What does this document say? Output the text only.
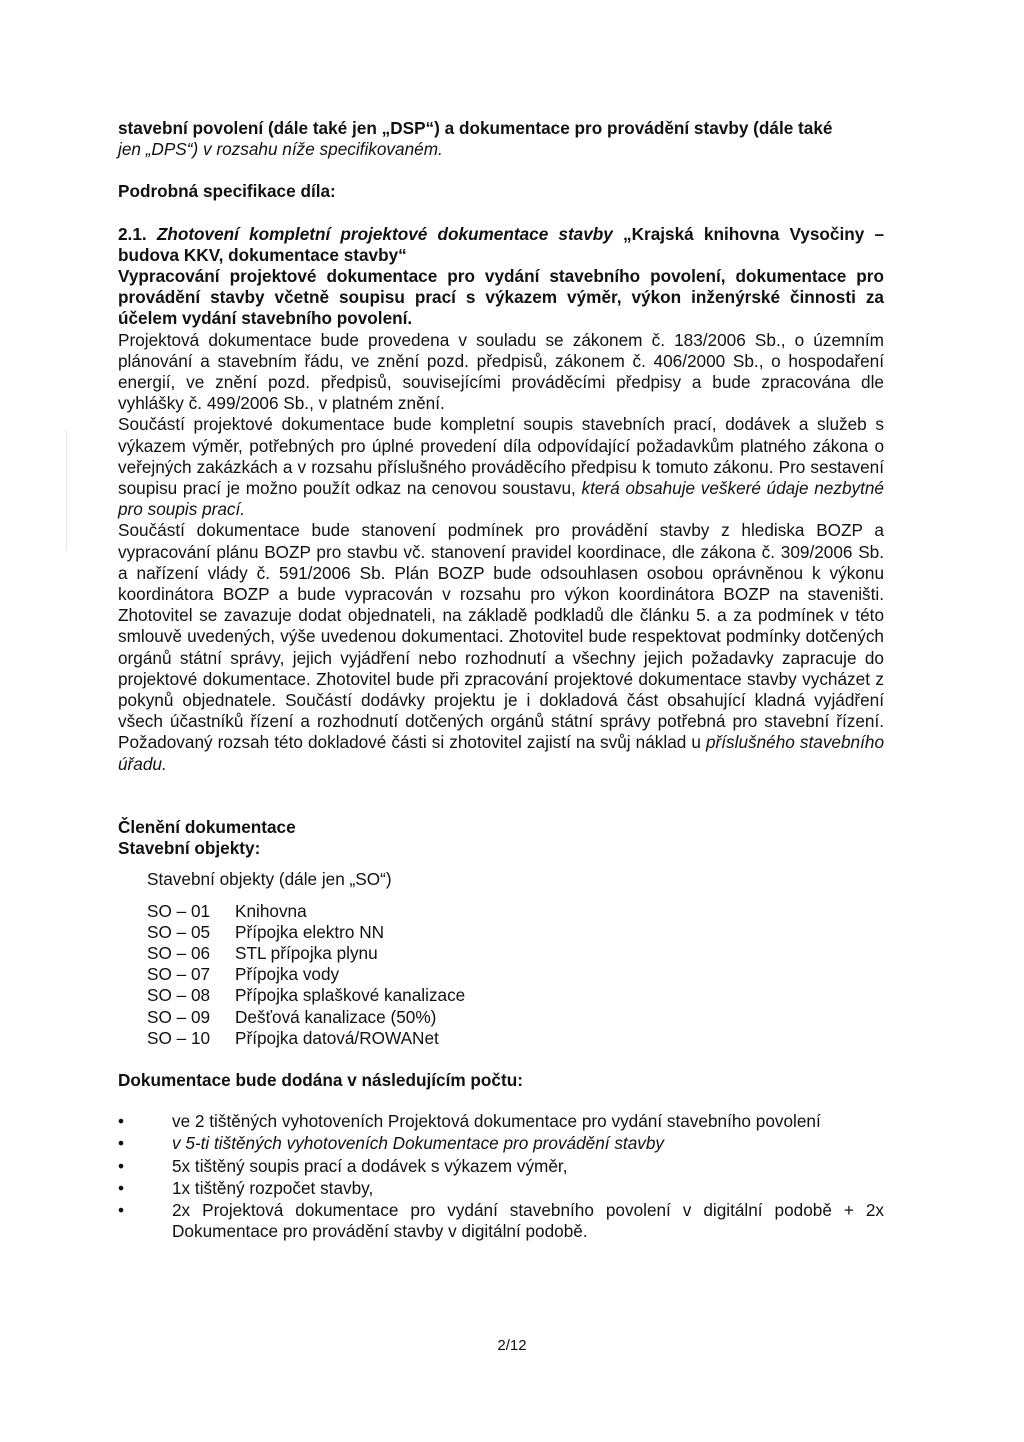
stavební povolení (dále také jen „DSP“) a dokumentace pro provádění stavby (dále také
jen „DPS“) v rozsahu níže specifikovaném.

Podrobná specifikace díla:

2.1. Zhotovení kompletní projektové dokumentace stavby „Krajská knihovna Vysočiny – budova KKV, dokumentace stavby“

Vypracování projektové dokumentace pro vydání stavebního povolení, dokumentace pro provádění stavby včetně soupisu prací s výkazem výměr, výkon inženýrské činnosti za účelem vydání stavebního povolení.

Projektová dokumentace bude provedena v souladu se zákonem č. 183/2006 Sb., o územním plánování a stavebním řádu, ve znění pozd. předpisů, zákonem č. 406/2000 Sb., o hospodaření energií, ve znění pozd. předpisů, souvisejícími prováděcími předpisy a bude zpracována dle vyhlášky č. 499/2006 Sb., v platném znění.

Součástí projektové dokumentace bude kompletní soupis stavebních prací, dodávek a služeb s výkazem výměr, potřebných pro úplné provedení díla odpovídající požadavkům platného zákona o veřejných zakázkách a v rozsahu příslušného prováděcího předpisu k tomuto zákonu. Pro sestavení soupisu prací je možno použít odkaz na cenovou soustavu, která obsahuje veškeré údaje nezbytné pro soupis prací.

Součástí dokumentace bude stanovení podmínek pro provádění stavby z hlediska BOZP a vypracování plánu BOZP pro stavbu vč. stanovení pravidel koordinace, dle zákona č. 309/2006 Sb. a nařízení vlády č. 591/2006 Sb. Plán BOZP bude odsouhlasen osobou oprávněnou k výkonu koordinátora BOZP a bude vypracován v rozsahu pro výkon koordinátora BOZP na staveništi. Zhotovitel se zavazuje dodat objednateli, na základě podkladů dle článku 5. a za podmínek v této smlouvě uvedených, výše uvedenou dokumentaci. Zhotovitel bude respektovat podmínky dotčených orgánů státní správy, jejich vyjádření nebo rozhodnutí a všechny jejich požadavky zapracuje do projektové dokumentace. Zhotovitel bude při zpracování projektové dokumentace stavby vycházet z pokynů objednatele. Součástí dodávky projektu je i dokladová část obsahující kladná vyjádření všech účastníků řízení a rozhodnutí dotčených orgánů státní správy potřebná pro stavební řízení. Požadovaný rozsah této dokladové části si zhotovitel zajistí na svůj náklad u příslušného stavebního úřadu.

Členění dokumentace

Stavební objekty:

Stavební objekty (dále jen „SO“)

SO – 01	Knihovna
SO – 05	Přípojka elektro NN
SO – 06	STL přípojka plynu
SO – 07	Přípojka vody
SO – 08	Přípojka splaškové kanalizace
SO – 09	Dešťová kanalizace (50%)
SO – 10	Přípojka datová/ROWANet

Dokumentace bude dodána v následujícím počtu:

•	ve 2 tištěných vyhotoveních Projektová dokumentace pro vydání stavebního povolení
•	v 5-ti tištěných vyhotoveních Dokumentace pro provádění stavby
•	5x tištěný soupis prací a dodávek s výkazem výměr,
•	1x tištěný rozpočet stavby,
•	2x Projektová dokumentace pro vydání stavebního povolení v digitální podobě + 2x Dokumentace pro provádění stavby v digitální podobě.
2/12
